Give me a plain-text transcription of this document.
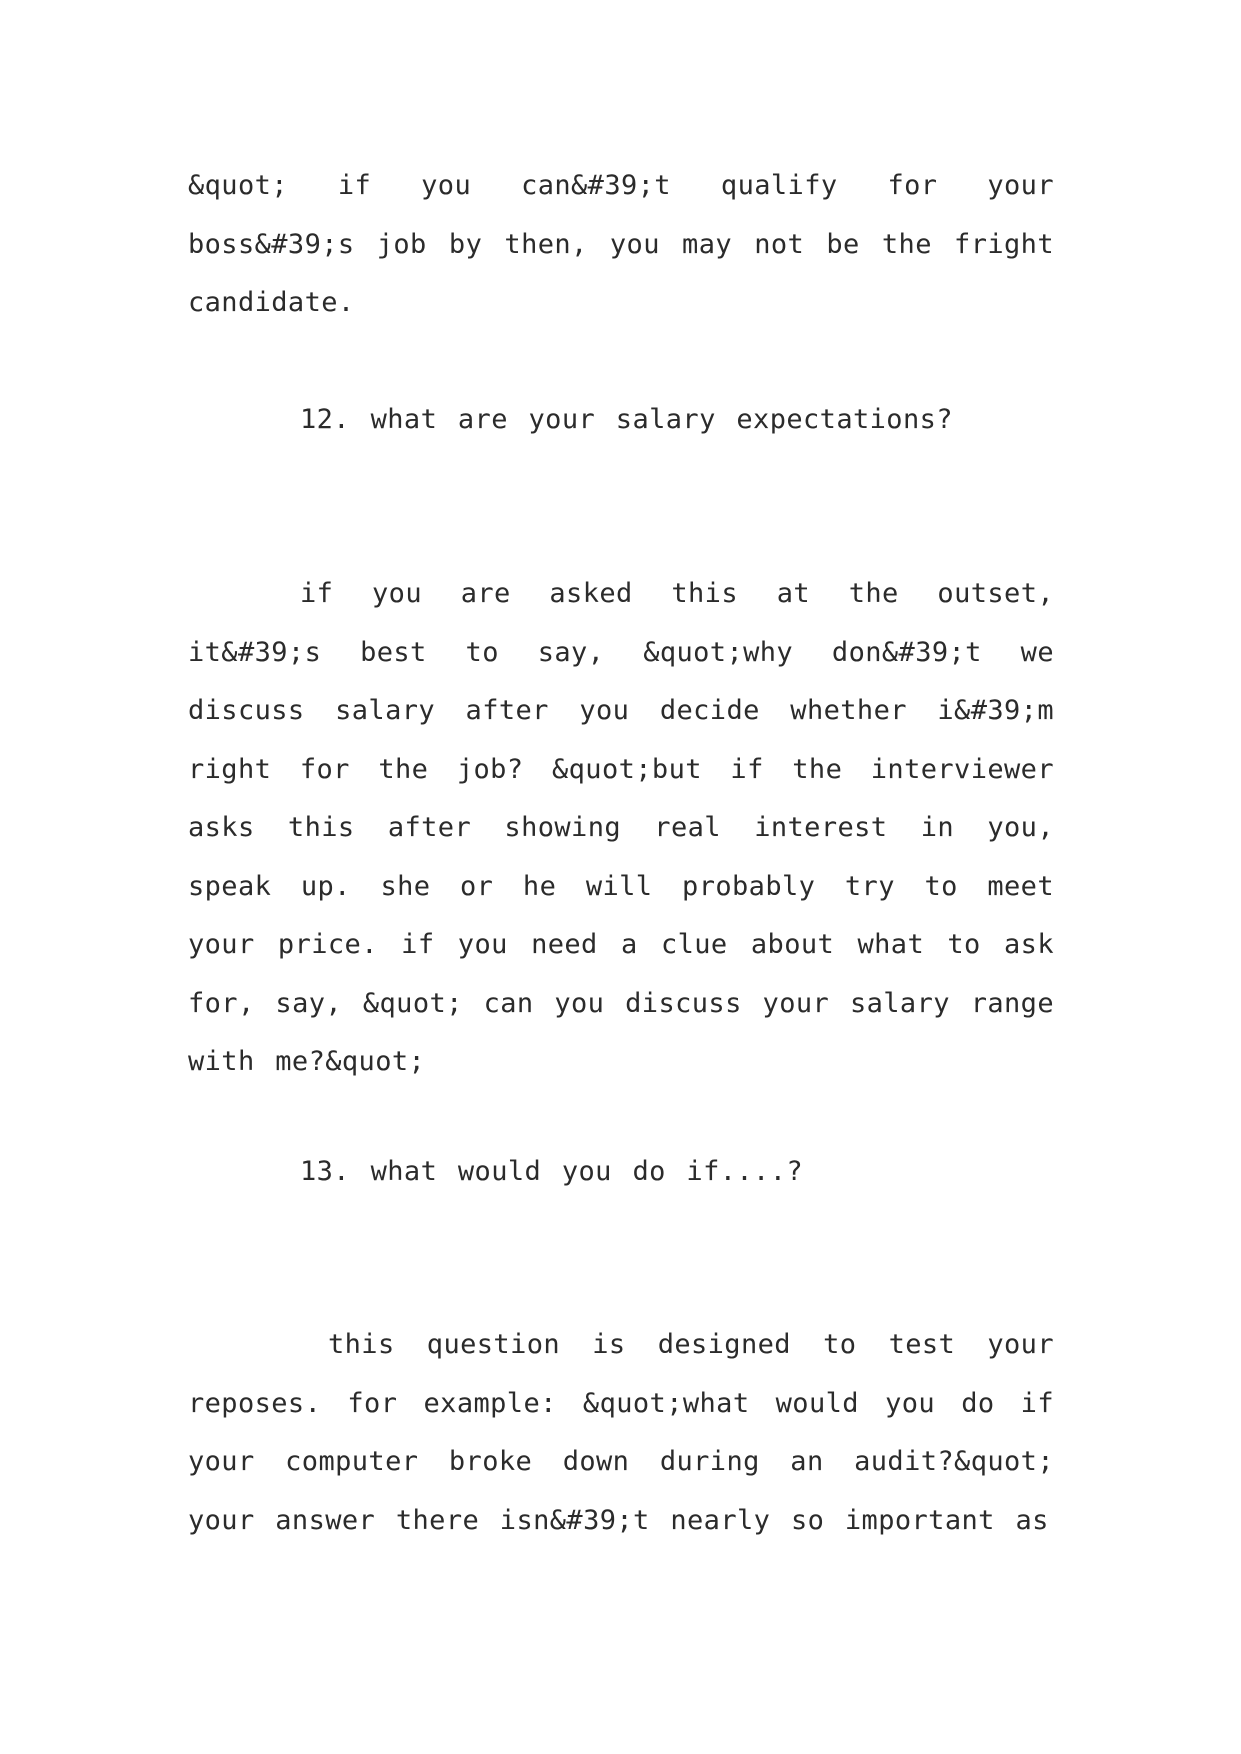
&quot; if you can&#39;t qualify for your boss&#39;s job by then, you may not be the fright candidate.

12. what are your salary expectations?

if you are asked this at the outset, it&#39;s best to say, &quot;why don&#39;t we discuss salary after you decide whether i&#39;m right for the job? &quot;but if the interviewer asks this after showing real interest in you, speak up. she or he will probably try to meet your price. if you need a clue about what to ask for, say, &quot; can you discuss your salary range with me?&quot;

13. what would you do if....?

this question is designed to test your reposes. for example: &quot;what would you do if your computer broke down during an audit?&quot; your answer there isn&#39;t nearly so important as
